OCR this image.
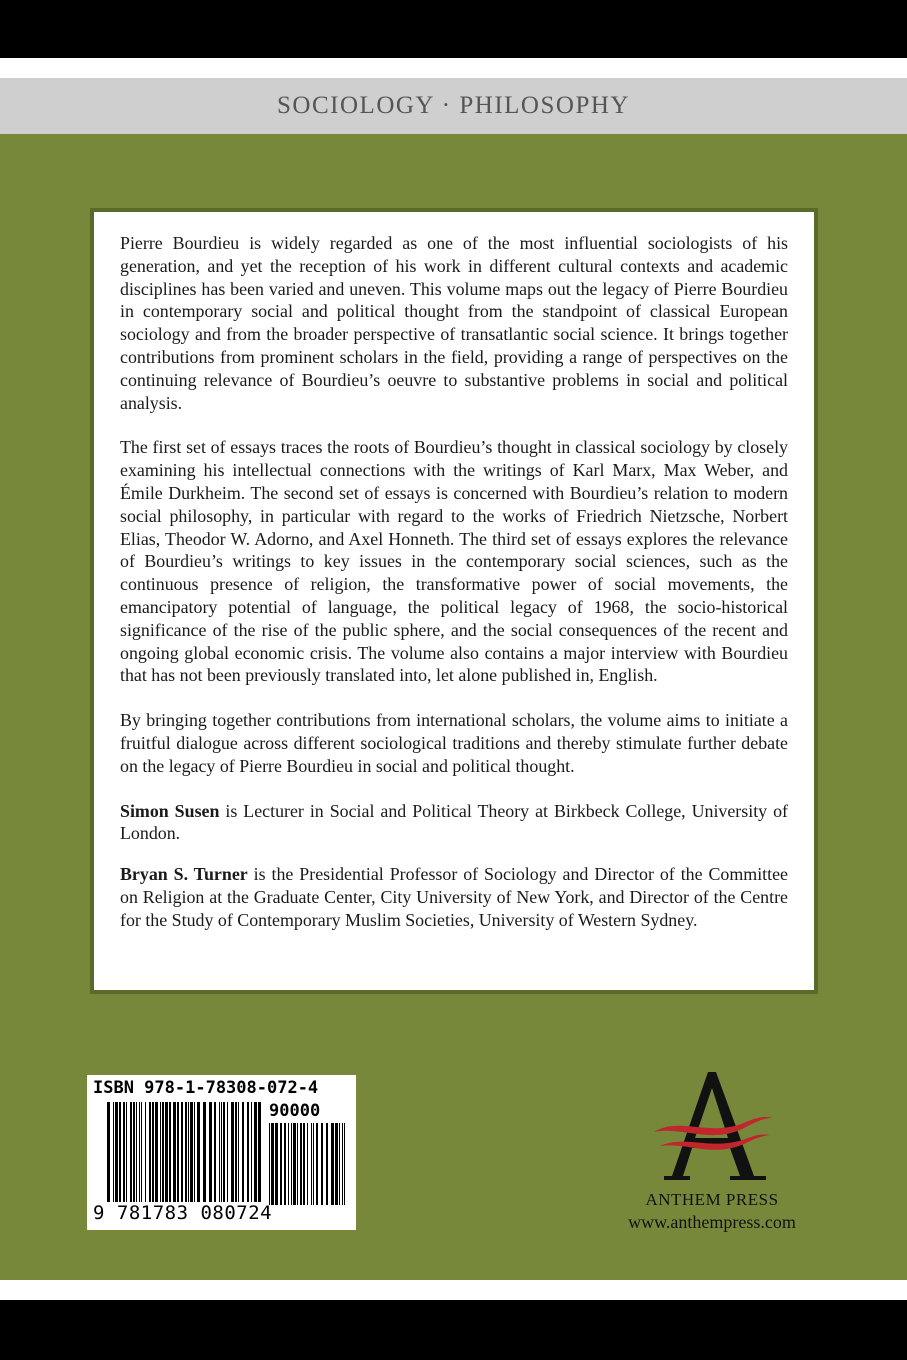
SOCIOLOGY · PHILOSOPHY

Pierre Bourdieu is widely regarded as one of the most influential sociologists of his generation, and yet the reception of his work in different cultural contexts and academic disciplines has been varied and uneven. This volume maps out the legacy of Pierre Bourdieu in contemporary social and political thought from the standpoint of classical European sociology and from the broader perspective of transatlantic social science. It brings together contributions from prominent scholars in the field, providing a range of perspectives on the continuing relevance of Bourdieu’s oeuvre to substantive problems in social and political analysis.

The first set of essays traces the roots of Bourdieu’s thought in classical sociology by closely examining his intellectual connections with the writings of Karl Marx, Max Weber, and Émile Durkheim. The second set of essays is concerned with Bourdieu’s relation to modern social philosophy, in particular with regard to the works of Friedrich Nietzsche, Norbert Elias, Theodor W. Adorno, and Axel Honneth. The third set of essays explores the relevance of Bourdieu’s writings to key issues in the contemporary social sciences, such as the continuous presence of religion, the transformative power of social movements, the emancipatory potential of language, the political legacy of 1968, the socio-historical significance of the rise of the public sphere, and the social consequences of the recent and ongoing global economic crisis. The volume also contains a major interview with Bourdieu that has not been previously translated into, let alone published in, English.

By bringing together contributions from international scholars, the volume aims to initiate a fruitful dialogue across different sociological traditions and thereby stimulate further debate on the legacy of Pierre Bourdieu in social and political thought.

Simon Susen is Lecturer in Social and Political Theory at Birkbeck College, University of London.

Bryan S. Turner is the Presidential Professor of Sociology and Director of the Committee on Religion at the Graduate Center, City University of New York, and Director of the Centre for the Study of Contemporary Muslim Societies, University of Western Sydney.

ISBN 978-1-78308-072-4
90000
9 781783 080724
ANTHEM PRESS
www.anthempress.com
